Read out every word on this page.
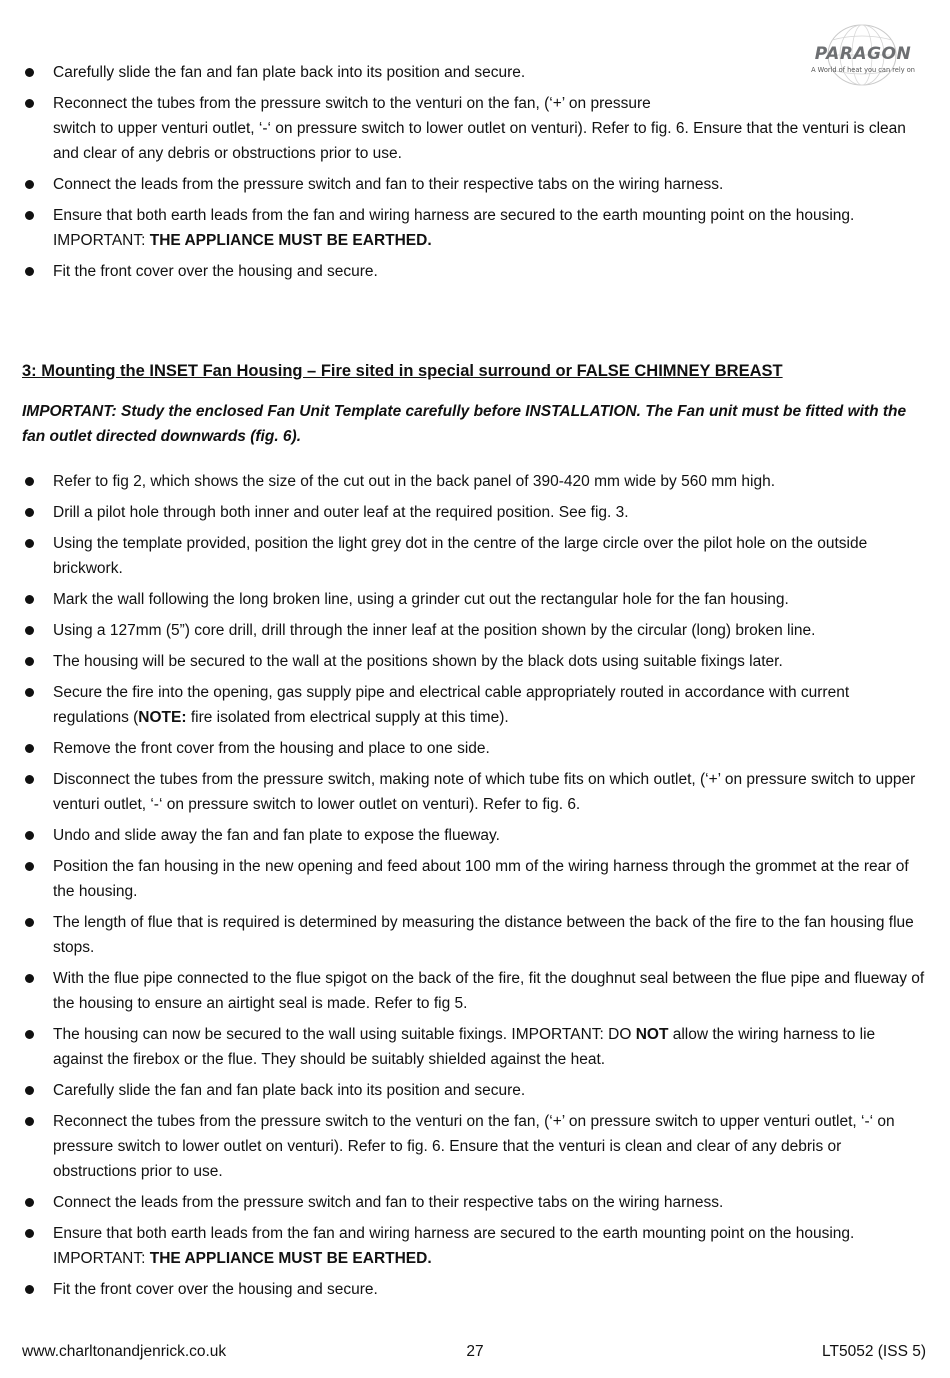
PARAGON
A World of heat you can rely on
Carefully slide the fan and fan plate back into its position and secure.
Reconnect the tubes from the pressure switch to the venturi on the fan, (‘+’ on pressure
switch to upper venturi outlet, ‘-‘ on pressure switch to lower outlet on venturi). Refer to fig. 6. Ensure that the venturi is clean and clear of any debris or obstructions prior to use.
Connect the leads from the pressure switch and fan to their respective tabs on the wiring harness.
Ensure that both earth leads from the fan and wiring harness are secured to the earth mounting point on the housing. IMPORTANT: THE APPLIANCE MUST BE EARTHED.
Fit the front cover over the housing and secure.
3: Mounting the INSET Fan Housing – Fire sited in special surround or FALSE CHIMNEY BREAST
IMPORTANT: Study the enclosed Fan Unit Template carefully before INSTALLATION. The Fan unit must be fitted with the fan outlet directed downwards (fig. 6).
Refer to fig 2, which shows the size of the cut out in the back panel of 390-420 mm wide by 560 mm high.
Drill a pilot hole through both inner and outer leaf at the required position. See fig. 3.
Using the template provided, position the light grey dot in the centre of the large circle over the pilot hole on the outside brickwork.
Mark the wall following the long broken line, using a grinder cut out the rectangular hole for the fan housing.
Using a 127mm (5”) core drill, drill through the inner leaf at the position shown by the circular (long) broken line.
The housing will be secured to the wall at the positions shown by the black dots using suitable fixings later.
Secure the fire into the opening, gas supply pipe and electrical cable appropriately routed in accordance with current regulations (NOTE: fire isolated from electrical supply at this time).
Remove the front cover from the housing and place to one side.
Disconnect the tubes from the pressure switch, making note of which tube fits on which outlet, (‘+’ on pressure switch to upper venturi outlet, ‘-‘ on pressure switch to lower outlet on venturi). Refer to fig. 6.
Undo and slide away the fan and fan plate to expose the flueway.
Position the fan housing in the new opening and feed about 100 mm of the wiring harness through the grommet at the rear of the housing.
The length of flue that is required is determined by measuring the distance between the back of the fire to the fan housing flue stops.
With the flue pipe connected to the flue spigot on the back of the fire, fit the doughnut seal between the flue pipe and flueway of the housing to ensure an airtight seal is made. Refer to fig 5.
The housing can now be secured to the wall using suitable fixings. IMPORTANT: DO NOT allow the wiring harness to lie against the firebox or the flue. They should be suitably shielded against the heat.
Carefully slide the fan and fan plate back into its position and secure.
Reconnect the tubes from the pressure switch to the venturi on the fan, (‘+’ on pressure switch to upper venturi outlet, ‘-‘ on pressure switch to lower outlet on venturi). Refer to fig. 6. Ensure that the venturi is clean and clear of any debris or obstructions prior to use.
Connect the leads from the pressure switch and fan to their respective tabs on the wiring harness.
Ensure that both earth leads from the fan and wiring harness are secured to the earth mounting point on the housing. IMPORTANT: THE APPLIANCE MUST BE EARTHED.
Fit the front cover over the housing and secure.
www.charltonandjenrick.co.uk	27	LT5052 (ISS 5)
